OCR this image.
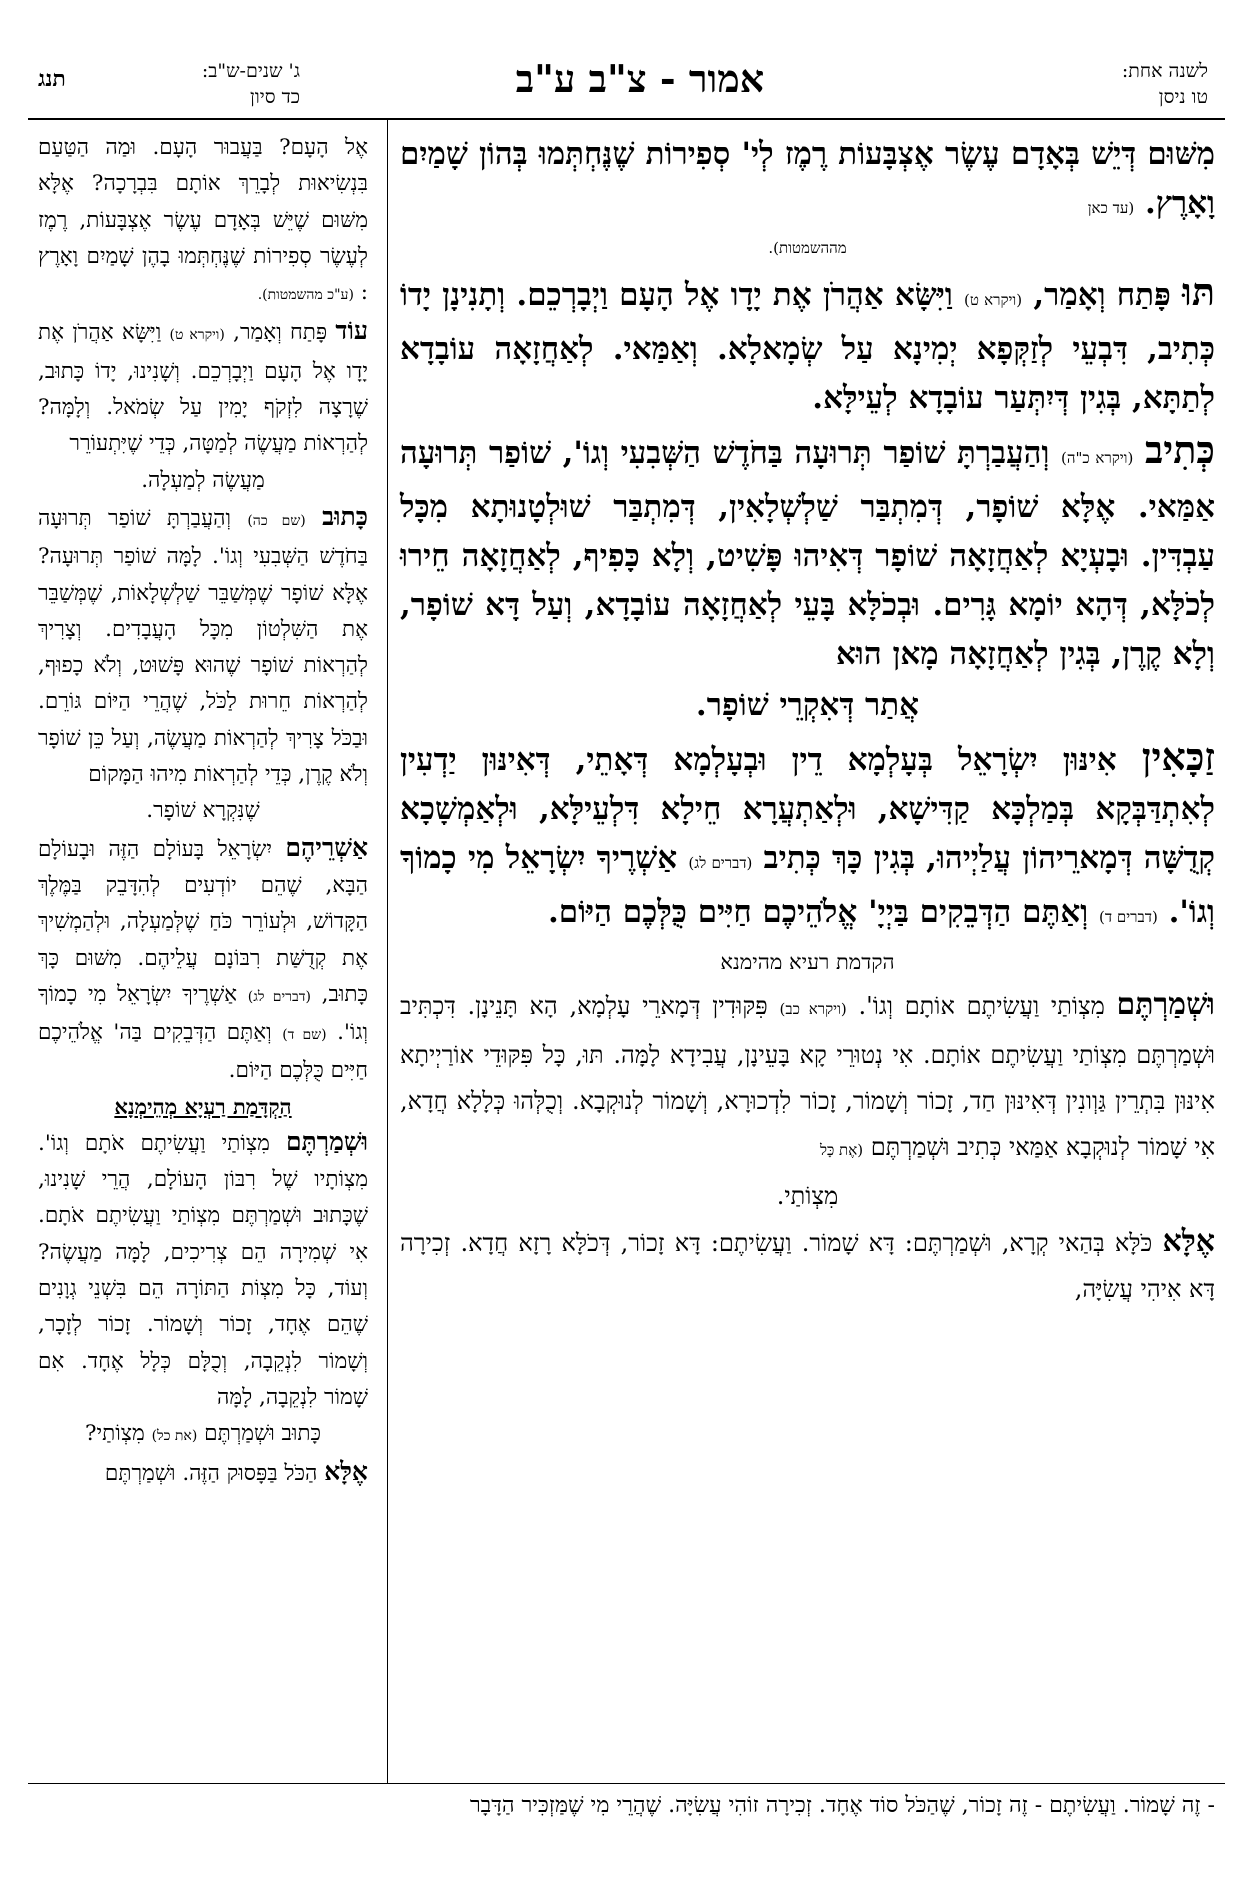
תנג	ג' שנים-ש"ב:
כד סיון	אמור - צ"ב ע"ב	לשנה אחת:
טו ניסן

מִשּׁוּם דְּיֵשׁ בְּאָדָם עֶשֶׂר אֶצְבָּעוֹת רֶמֶז לְי' סְפִירוֹת שֶׁנֶּחְתְּמוּ בְּהוֹן שָׁמַיִם וָאָרֶץ. (עד כאן

מההשמטות).

תּוּ פָּתַח וְאָמַר, (ויקרא ט) וַיִּשָּׂא אַהֲרֹן אֶת יָדָו אֶל הָעָם וַיְבָרְכֵם. וְתָנִינָן יָדוֹ כְּתִיב, דִּבְעֵי לְזַקְּפָא יְמִינָא עַל שְׂמָאלָא. וְאַמַּאי. לְאַחֲזָאָה עוֹבָדָא לְתַתָּא, בְּגִין דְּיִתְּעַר עוֹבָדָא לְעֵילָּא.

כְּתִיב (ויקרא כ"ה) וְהַעֲבַרְתָּ שׁוֹפַר תְּרוּעָה בַּחֹדֶשׁ הַשְּׁבִעִי וְגוֹ', שׁוֹפַר תְּרוּעָה אַמַּאי. אֶלָּא שׁוֹפָר, דְּמִתְבַּר שַׁלְשְׁלָאִין, דְּמִתְבַּר שׁוּלְטָנוּתָא מִכָּל עַבְדִּין. וּבָעְיָא לְאַחֲזָאָה שׁוֹפָר דְּאִיהוּ פָּשִׁיט, וְלָא כָּפִיף, לְאַחֲזָאָה חֵירוּ לְכֹלָּא, דְּהָא יוֹמָא גָּרִים. וּבְכֹלָּא בָּעֵי לְאַחֲזָאָה עוֹבָדָא, וְעַל דָּא שׁוֹפָר, וְלָא קֶרֶן, בְּגִין לְאַחֲזָאָה מָאן הוּא

אֲתַר דְּאִקְרֵי שׁוֹפָר.

זַכָּאִין אִינּוּן יִשְׂרָאֵל בְּעָלְמָא דֵין וּבְעָלְמָא דְּאָתֵי, דְּאִינּוּן יַדְעִין לְאִתְדַּבְּקָא בְּמַלְכָּא קַדִּישָׁא, וּלְאַתְעֲרָא חֵילָא דִּלְעֵילָּא, וּלְאַמְשָׁכָא קְדֻשָּׁה דְּמָארֵיהוֹן עֲלַיְיהוּ, בְּגִין כָּךְ כְּתִיב (דברים לג) אַשְׁרֶיךָ יִשְׂרָאֵל מִי כָמוֹךָ וְגוֹ'. (דברים ד) וְאַתֶּם הַדְּבֵקִים בַּיְיָ' אֱלֹהֵיכֶם חַיִּים כֻּלְּכֶם הַיּוֹם.

הקדמת רעיא מהימנא

וּשְׁמַרְתֶּם מִצְוֹתַי וַעֲשִׂיתֶם אוֹתָם וְגוֹ'. (ויקרא כב) פִּקּוּדִין דְּמָארֵי עָלְמָא, הָא תָּנֵינָן. דִּכְתִּיב וּשְׁמַרְתֶּם מִצְוֹתַי וַעֲשִׂיתֶם אוֹתָם. אִי נְטוּרֵי קָא בָּעֵינָן, עֲבִידָא לָמָּה. תּוּ, כָּל פִּקּוּדֵי אוֹרַיְיתָא אִינּוּן בִּתְרֵין גַּוְונִין דְּאִינּוּן חַד, זָכוֹר וְשָׁמוֹר, זָכוֹר לִדְכוּרָא, וְשָׁמוֹר לְנוּקְבָא. וְכֻלְּהוּ כְּלָלָא חֲדָא, אִי שָׁמוֹר לְנוּקְבָא אַמַּאי כְּתִיב וּשְׁמַרְתֶּם (אֶת כָּל

מִצְוֹתַי.

אֶלָּא כֹּלָּא בְּהַאי קְרָא, וּשְׁמַרְתֶּם: דָּא שָׁמוֹר. וַעֲשִׂיתֶם: דָּא זָכוֹר, דְּכֹלָּא רָזָא חֲדָא. זְכִירָה דָּא אִיהִי עֲשִׂיָּה,

אֶל הָעָם? בַּעֲבוּר הָעָם. וּמַה הַטַּעַם בִּנְשִׂיאוּת לְבָרֵךְ אוֹתָם בִּבְרָכָה? אֶלָּא מִשּׁוּם שֶׁיֵּשׁ בְּאָדָם עֶשֶׂר אֶצְבָּעוֹת, רֶמֶז לְעֶשֶׂר סְפִירוֹת שֶׁנֶּחְתְּמוּ בָהֶן שָׁמַיִם וָאָרֶץ : (ע"כ מהשמטות).

עוֹד פָּתַח וְאָמַר, (ויקרא ט) וַיִּשָּׂא אַהֲרֹן אֶת יָדָו אֶל הָעָם וַיְבָרְכֵם. וְשָׁנִינוּ, יָדוֹ כָּתוּב, שֶׁרָצָה לִזְקֹף יָמִין עַל שְׂמֹאל. וְלָמָּה? לְהַרְאוֹת מַעֲשֶׂה לְמַטָּה, כְּדֵי שֶׁיִּתְעוֹרֵר

מַעֲשֶׂה לְמַעְלָה.

כָּתוּב (שם כה) וְהַעֲבַרְתָּ שׁוֹפַר תְּרוּעָה בַּחֹדֶשׁ הַשְּׁבִעִי וְגוֹ'. לָמָּה שׁוֹפַר תְּרוּעָה? אֶלָּא שׁוֹפָר שֶׁמְּשַׁבֵּר שַׁלְשְׁלָאוֹת, שֶׁמְּשַׁבֵּר אֶת הַשִּׁלְטוֹן מִכָּל הָעֲבָדִים. וְצָרִיךְ לְהַרְאוֹת שׁוֹפָר שֶׁהוּא פָּשׁוּט, וְלֹא כָפוּף, לְהַרְאוֹת חֵרוּת לַכֹּל, שֶׁהֲרֵי הַיּוֹם גּוֹרֵם. וּבַכֹּל צָרִיךְ לְהַרְאוֹת מַעֲשֶׂה, וְעַל כֵּן שׁוֹפָר וְלֹא קֶרֶן, כְּדֵי לְהַרְאוֹת מִיהוּ הַמָּקוֹם

שֶׁנִּקְרָא שׁוֹפָר.

אַשְׁרֵיהֶם יִשְׂרָאֵל בָּעוֹלָם הַזֶּה וּבָעוֹלָם הַבָּא, שֶׁהֵם יוֹדְעִים לְהִדָּבֵק בַּמֶּלֶךְ הַקָּדוֹשׁ, וּלְעוֹרֵר כֹּחַ שֶׁלְּמַעְלָה, וּלְהַמְשִׁיךְ אֶת קְדֻשַּׁת רִבּוֹנָם עֲלֵיהֶם. מִשּׁוּם כָּךְ כָּתוּב, (דברים לג) אַשְׁרֶיךָ יִשְׂרָאֵל מִי כָמוֹךָ וְגוֹ'. (שם ד) וְאַתֶּם הַדְּבֵקִים בַּה' אֱלֹהֵיכֶם חַיִּים כֻּלְּכֶם הַיּוֹם.

הַקְדָּמַת רַעְיָא מְהֵימְנָא

וּשְׁמַרְתֶּם מִצְוֹתַי וַעֲשִׂיתֶם אֹתָם וְגוֹ'. מִצְוֹתָיו שֶׁל רִבּוֹן הָעוֹלָם, הֲרֵי שָׁנִינוּ, שֶׁכָּתוּב וּשְׁמַרְתֶּם מִצְוֹתַי וַעֲשִׂיתֶם אֹתָם. אִי שְׁמִירָה הֵם צְרִיכִים, לָמָּה מַעֲשֶׂה? וְעוֹד, כָּל מִצְוֹת הַתּוֹרָה הֵם בִּשְׁנֵי גְוָנִים שֶׁהֵם אֶחָד, זָכוֹר וְשָׁמוֹר. זָכוֹר לְזָכָר, וְשָׁמוֹר לִנְקֵבָה, וְכֻלָּם כְּלָל אֶחָד. אִם שָׁמוֹר לִנְקֵבָה, לָמָּה

כָּתוּב וּשְׁמַרְתֶּם (את כל) מִצְוֹתַי?

אֶלָּא הַכֹּל בַּפָּסוּק הַזֶּה. וּשְׁמַרְתֶּם

- זֶה שָׁמוֹר. וַעֲשִׂיתֶם - זֶה זָכוֹר, שֶׁהַכֹּל סוֹד אֶחָד. זְכִירָה זוֹהִי עֲשִׂיָּה. שֶׁהֲרֵי מִי שֶׁמַּזְכִּיר הַדָּבָר
